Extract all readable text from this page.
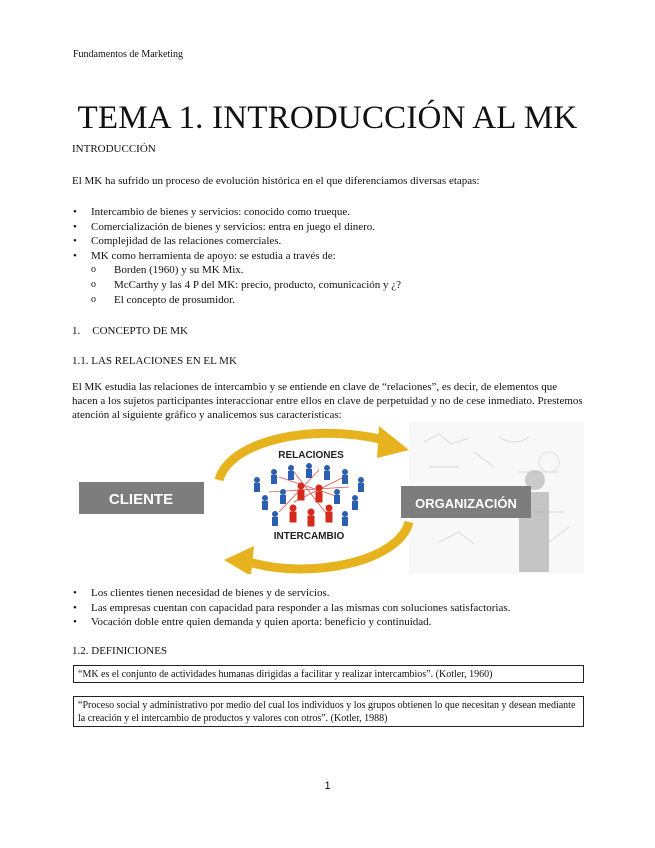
Fundamentos de Marketing
TEMA 1. INTRODUCCIÓN AL MK
INTRODUCCIÓN
El MK ha sufrido un proceso de evolución histórica en el que diferenciamos diversas etapas:
• Intercambio de bienes y servicios: conocido como trueque.
• Comercialización de bienes y servicios: entra en juego el dinero.
• Complejidad de las relaciones comerciales.
• MK como herramienta de apoyo: se estudia a través de:
o Borden (1960) y su MK Mix.
o McCarthy y las 4 P del MK: precio, producto, comunicación y ¿?
o El concepto de prosumidor.
1. CONCEPTO DE MK
1.1. LAS RELACIONES EN EL MK
El MK estudia las relaciones de intercambio y se entiende en clave de “relaciones”, es decir, de elementos que hacen a los sujetos participantes interaccionar entre ellos en clave de perpetuidad y no de cese inmediato. Prestemos atención al siguiente gráfico y analicemos sus características:
CLIENTE	ORGANIZACIÓN
RELACIONES
INTERCAMBIO
• Los clientes tienen necesidad de bienes y de servicios.
• Las empresas cuentan con capacidad para responder a las mismas con soluciones satisfactorias.
• Vocación doble entre quien demanda y quien aporta: beneficio y continuidad.
1.2. DEFINICIONES
“MK es el conjunto de actividades humanas dirigidas a facilitar y realizar intercambios”. (Kotler, 1960)
“Proceso social y administrativo por medio del cual los individuos y los grupos obtienen lo que necesitan y desean mediante la creación y el intercambio de productos y valores con otros”. (Kotler, 1988)
1
